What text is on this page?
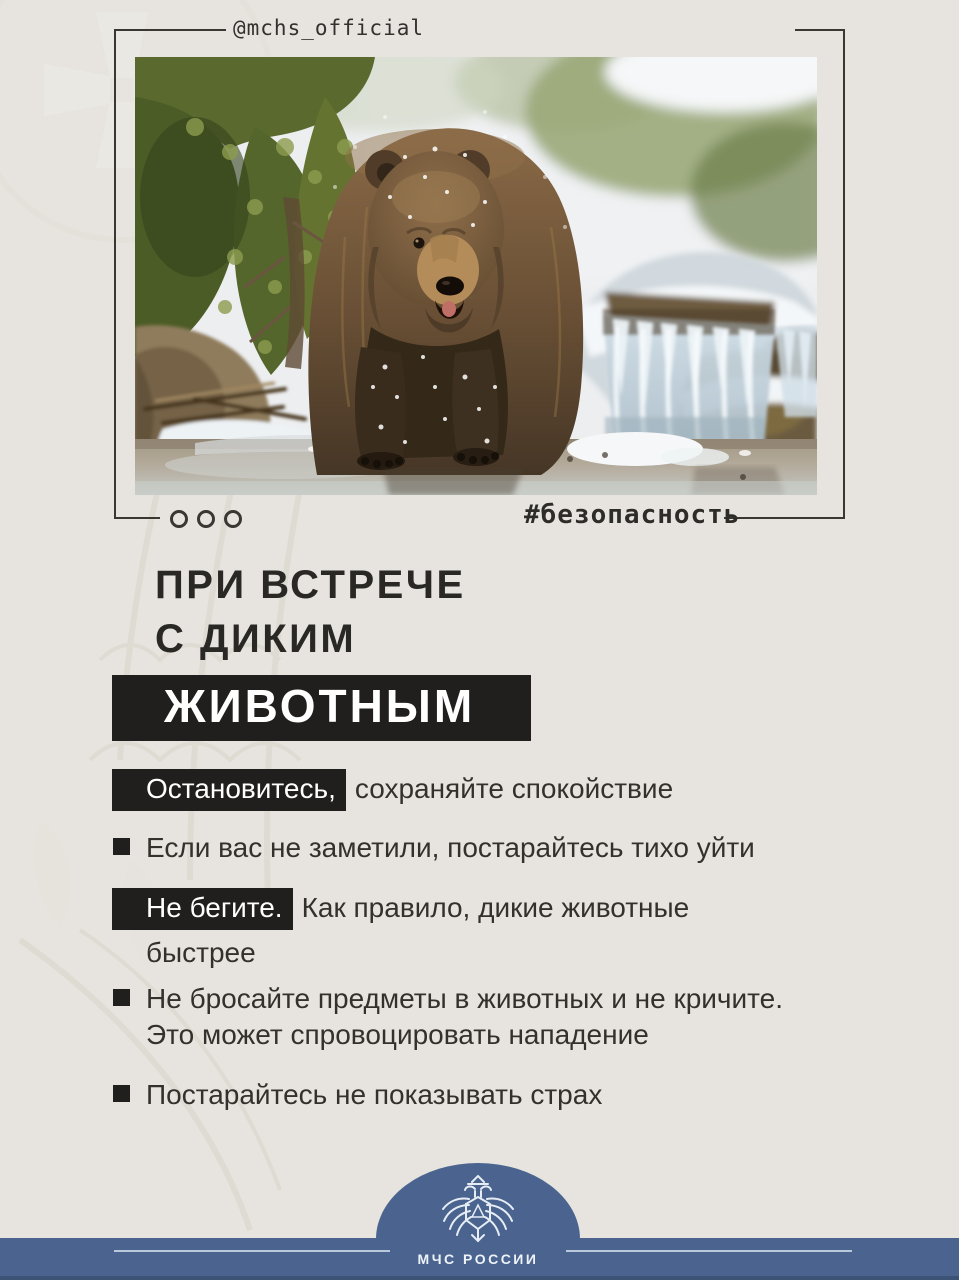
@mchs_official
#безопасность
ПРИ ВСТРЕЧЕ
С ДИКИМ
ЖИВОТНЫМ
Остановитесь, сохраняйте спокойствие
Если вас не заметили, постарайтесь тихо уйти
Не бегите. Как правило, дикие животные
быстрее
Не бросайте предметы в животных и не кричите.
Это может спровоцировать нападение
Постарайтесь не показывать страх
МЧС РОССИИ
